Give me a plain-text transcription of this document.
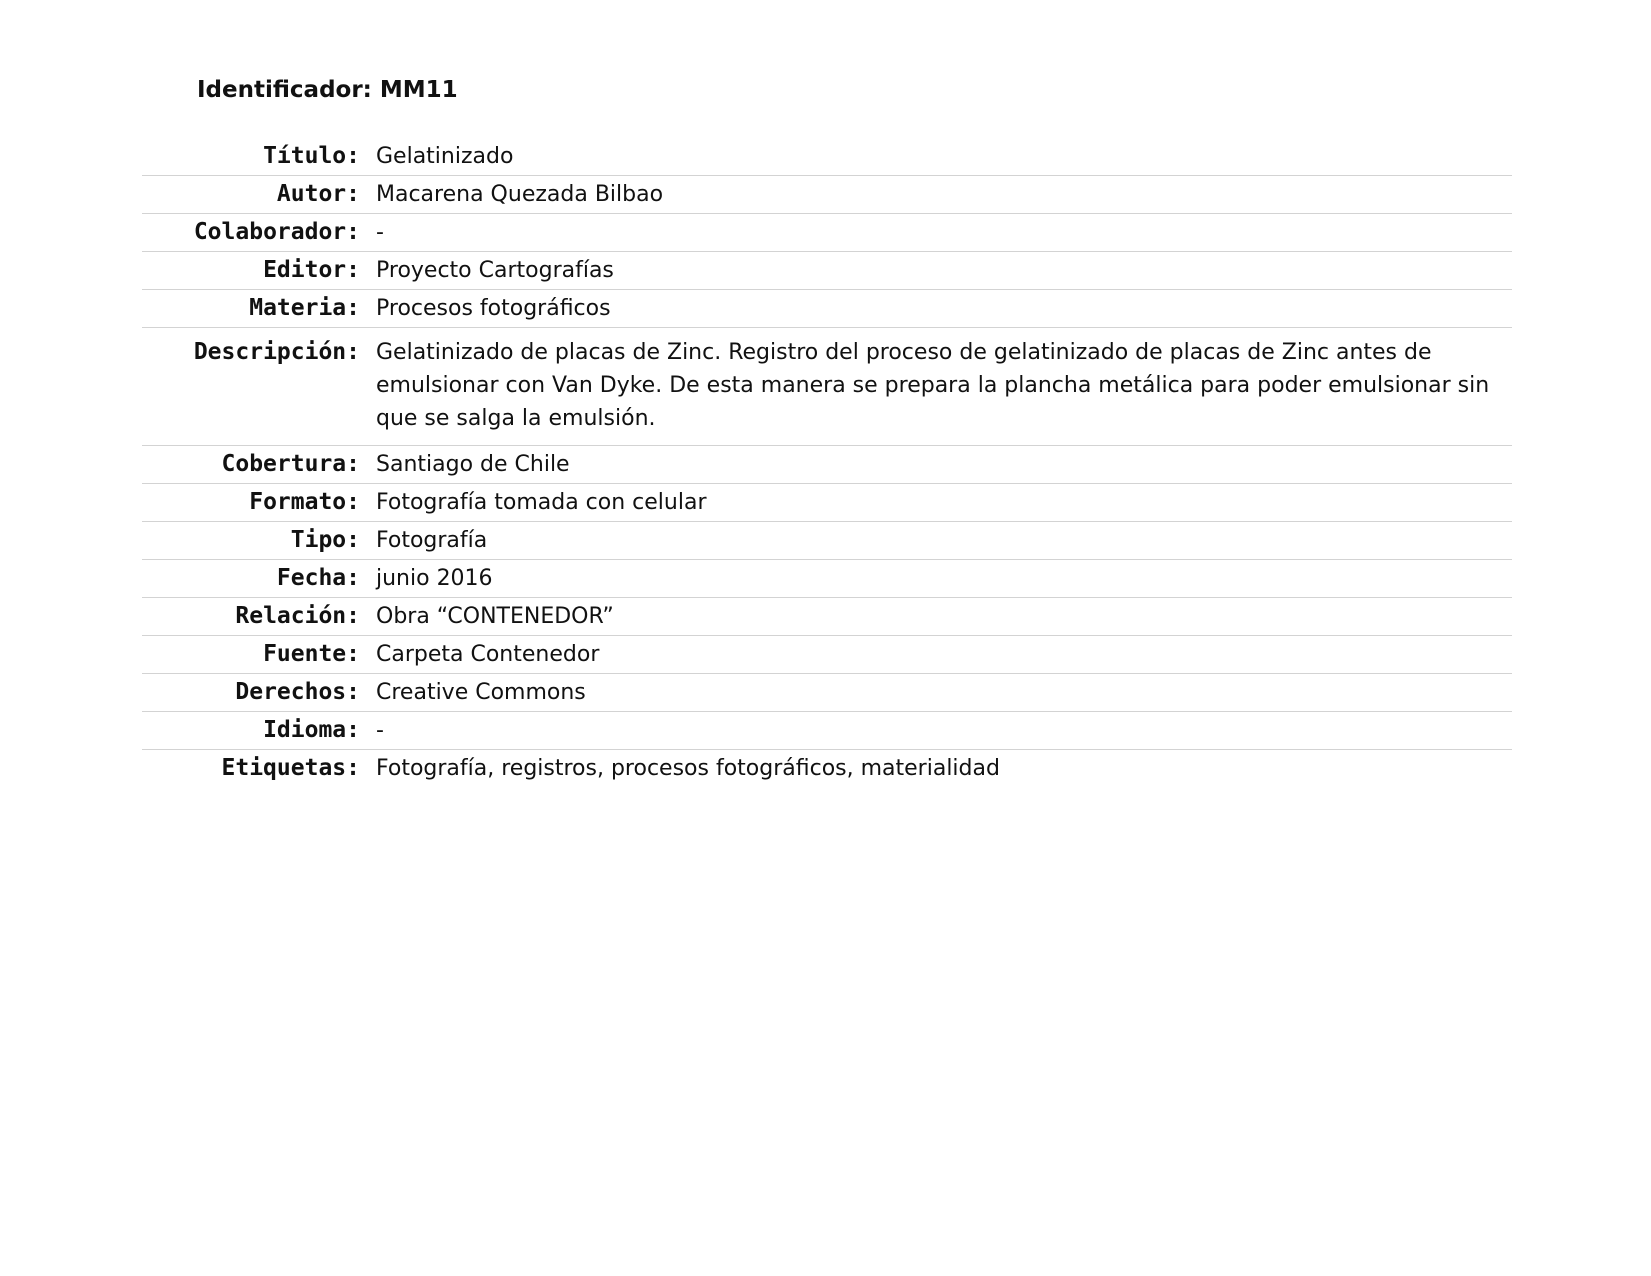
Identificador: MM11
Título:	Gelatinizado
Autor:	Macarena Quezada Bilbao
Colaborador:	-
Editor:	Proyecto Cartografías
Materia:	Procesos fotográficos
Descripción:	Gelatinizado de placas de Zinc. Registro del proceso de gelatinizado de placas de Zinc antes de emulsionar con Van Dyke. De esta manera se prepara la plancha metálica para poder emulsionar sin que se salga la emulsión.
Cobertura:	Santiago de Chile
Formato:	Fotografía tomada con celular
Tipo:	Fotografía
Fecha:	junio 2016
Relación:	Obra “CONTENEDOR”
Fuente:	Carpeta Contenedor
Derechos:	Creative Commons
Idioma:	-
Etiquetas:	Fotografía, registros, procesos fotográficos, materialidad
